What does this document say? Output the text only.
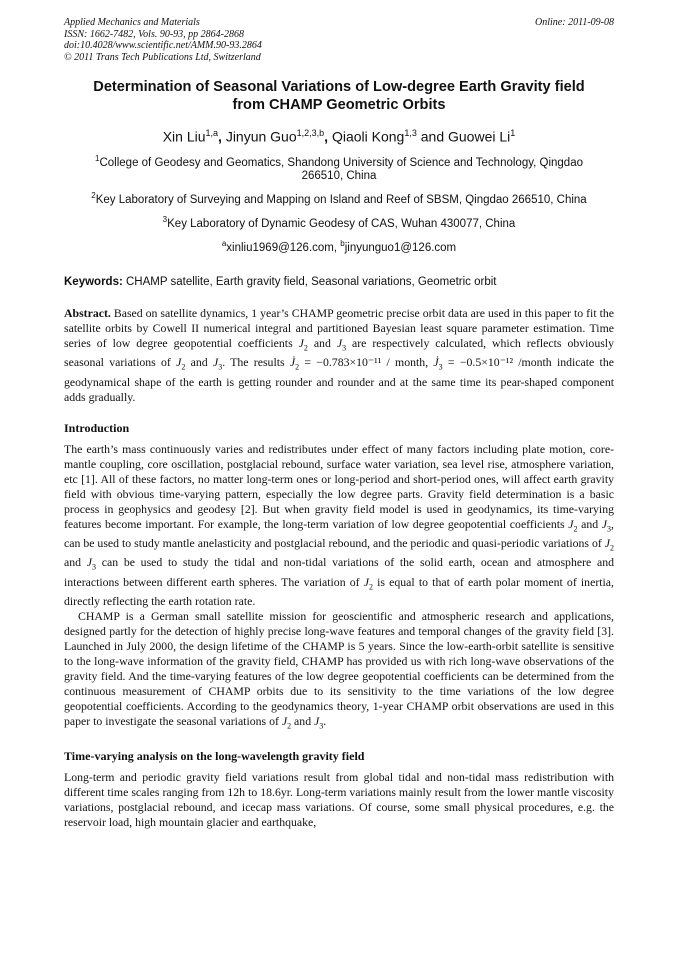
Applied Mechanics and Materials
ISSN: 1662-7482, Vols. 90-93, pp 2864-2868
doi:10.4028/www.scientific.net/AMM.90-93.2864
© 2011 Trans Tech Publications Ltd, Switzerland
Online: 2011-09-08
Determination of Seasonal Variations of Low-degree Earth Gravity field
from CHAMP Geometric Orbits
Xin Liu$^{1,a}$, Jinyun Guo$^{1,2,3,b}$, Qiaoli Kong$^{1,3}$ and Guowei Li$^1$
$^1$College of Geodesy and Geomatics, Shandong University of Science and Technology, Qingdao
266510, China
$^2$Key Laboratory of Surveying and Mapping on Island and Reef of SBSM, Qingdao 266510, China
$^3$Key Laboratory of Dynamic Geodesy of CAS, Wuhan 430077, China
$^a$xinliu1969@126.com, $^b$jinyunguo1@126.com
Keywords: CHAMP satellite, Earth gravity field, Seasonal variations, Geometric orbit

Abstract. Based on satellite dynamics, 1 year’s CHAMP geometric precise orbit data are used in this paper to fit the satellite orbits by Cowell II numerical integral and partitioned Bayesian least square parameter estimation. Time series of low degree geopotential coefficients $J_2$ and $J_3$ are respectively calculated, which reflects obviously seasonal variations of $J_2$ and $J_3$. The results $J̇_2 = -0.783\times 10^{-11}$ / month, $J̇_3 = -0.5\times 10^{-12}$ /month indicate the geodynamical shape of the earth is getting rounder and rounder and at the same time its pear-shaped component adds gradually.

Introduction

The earth’s mass continuously varies and redistributes under effect of many factors including plate motion, core-mantle coupling, core oscillation, postglacial rebound, surface water variation, sea level rise, atmosphere variation, etc [1]. All of these factors, no matter long-term ones or long-period and short-period ones, will affect earth gravity field with obvious time-varying pattern, especially the low degree parts. Gravity field determination is a basic process in geophysics and geodesy [2]. But when gravity field model is used in geodynamics, its time-varying features become important. For example, the long-term variation of low degree geopotential coefficients $J_2$ and $J_3$, can be used to study mantle anelasticity and postglacial rebound, and the periodic and quasi-periodic variations of $J_2$ and $J_3$ can be used to study the tidal and non-tidal variations of the solid earth, ocean and atmosphere and interactions between different earth spheres. The variation of $J_2$ is equal to that of earth polar moment of inertia, directly reflecting the earth rotation rate.

CHAMP is a German small satellite mission for geoscientific and atmospheric research and applications, designed partly for the detection of highly precise long-wave features and temporal changes of the gravity field [3]. Launched in July 2000, the design lifetime of the CHAMP is 5 years. Since the low-earth-orbit satellite is sensitive to the long-wave information of the gravity field, CHAMP has provided us with rich long-wave observations of the gravity field. And the time-varying features of the low degree geopotential coefficients can be determined from the continuous measurement of CHAMP orbits due to its sensitivity to the time variations of the low degree geopotential coefficients. According to the geodynamics theory, 1-year CHAMP orbit observations are used in this paper to investigate the seasonal variations of $J_2$ and $J_3$.

Time-varying analysis on the long-wavelength gravity field

Long-term and periodic gravity field variations result from global tidal and non-tidal mass redistribution with different time scales ranging from 12h to 18.6yr. Long-term variations mainly result from the lower mantle viscosity variations, postglacial rebound, and icecap mass variations. Of course, some small physical procedures, e.g. the reservoir load, high mountain glacier and earthquake,
